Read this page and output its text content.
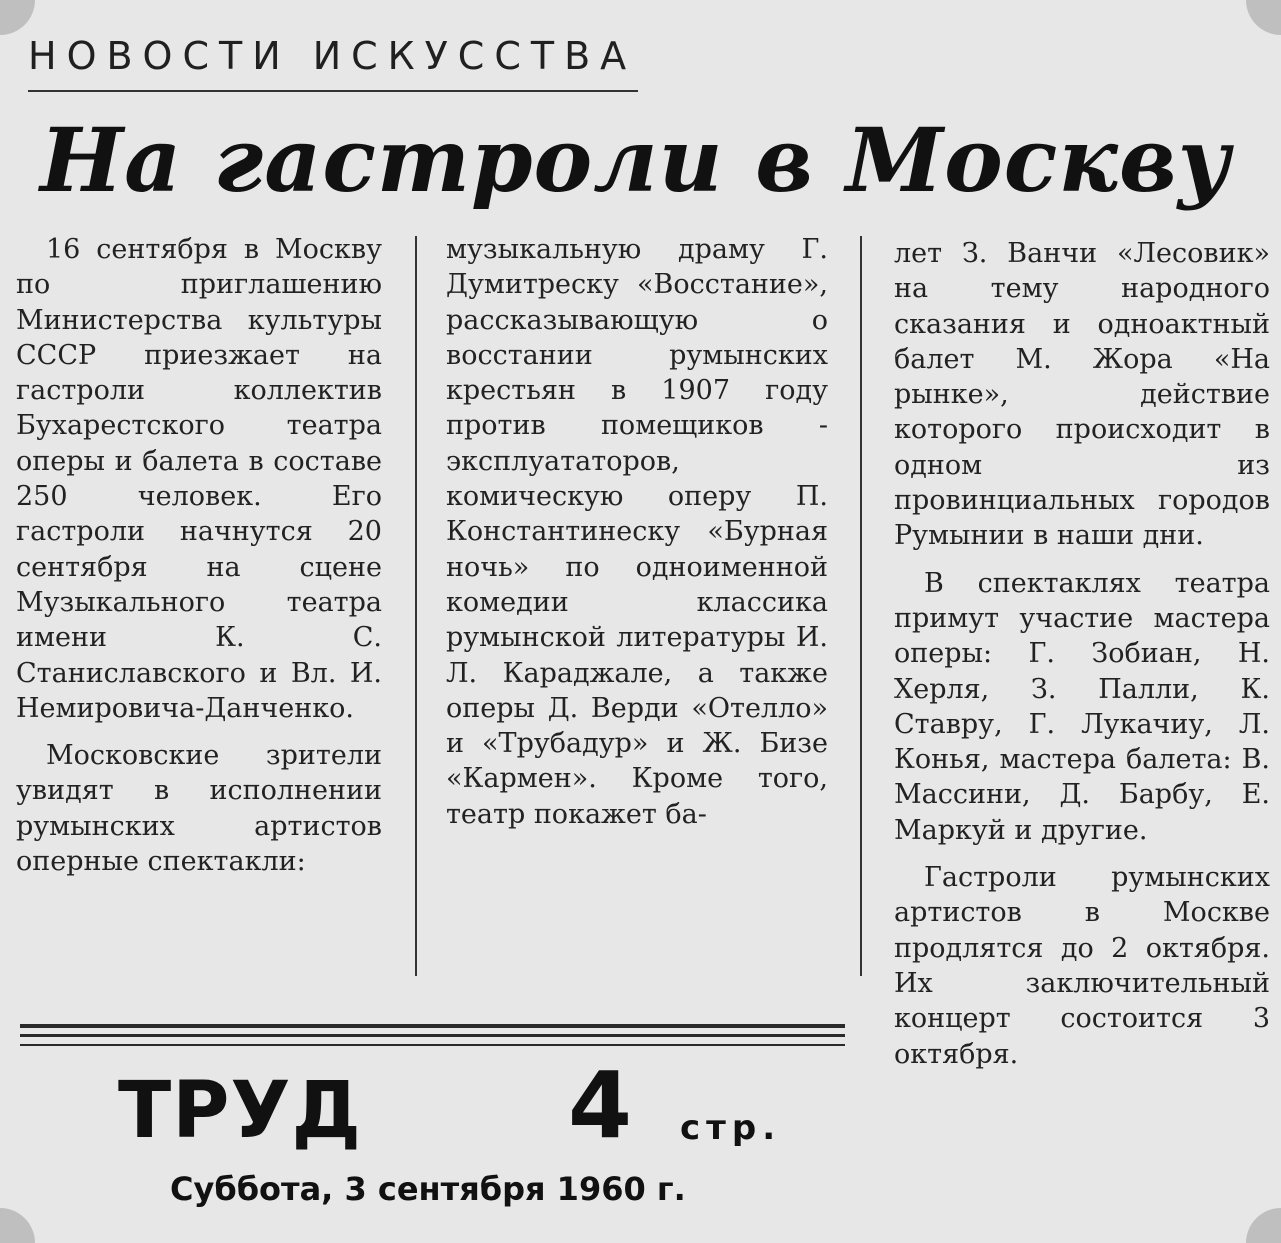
НОВОСТИ ИСКУССТВА
На гастроли в Москву

16 сентября в Москву по приглашению Министерства культуры СССР приезжает на гастроли коллектив Бухарестского театра оперы и балета в составе 250 человек. Его гастроли начнутся 20 сентября на сцене Музыкального театра имени К. С. Станиславского и Вл. И. Немировича-Данченко.

Московские зрители увидят в исполнении румынских артистов оперные спектакли:

музыкальную драму Г. Думитреску «Восстание», рассказывающую о восстании румынских крестьян в 1907 году против помещиков - эксплуататоров, комическую оперу П. Константинеску «Бурная ночь» по одноименной комедии классика румынской литературы И. Л. Караджале, а также оперы Д. Верди «Отелло» и «Трубадур» и Ж. Бизе «Кармен». Кроме того, театр покажет ба-

лет З. Ванчи «Лесовик» на тему народного сказания и одноактный балет М. Жора «На рынке», действие которого происходит в одном из провинциальных городов Румынии в наши дни.

В спектаклях театра примут участие мастера оперы: Г. Зобиан, Н. Херля, З. Палли, К. Ставру, Г. Лукачиу, Л. Конья, мастера балета: В. Массини, Д. Барбу, Е. Маркуй и другие.

Гастроли румынских артистов в Москве продлятся до 2 октября. Их заключительный концерт состоится 3 октября.

ТРУД 4 стр.
Суббота, 3 сентября 1960 г.
